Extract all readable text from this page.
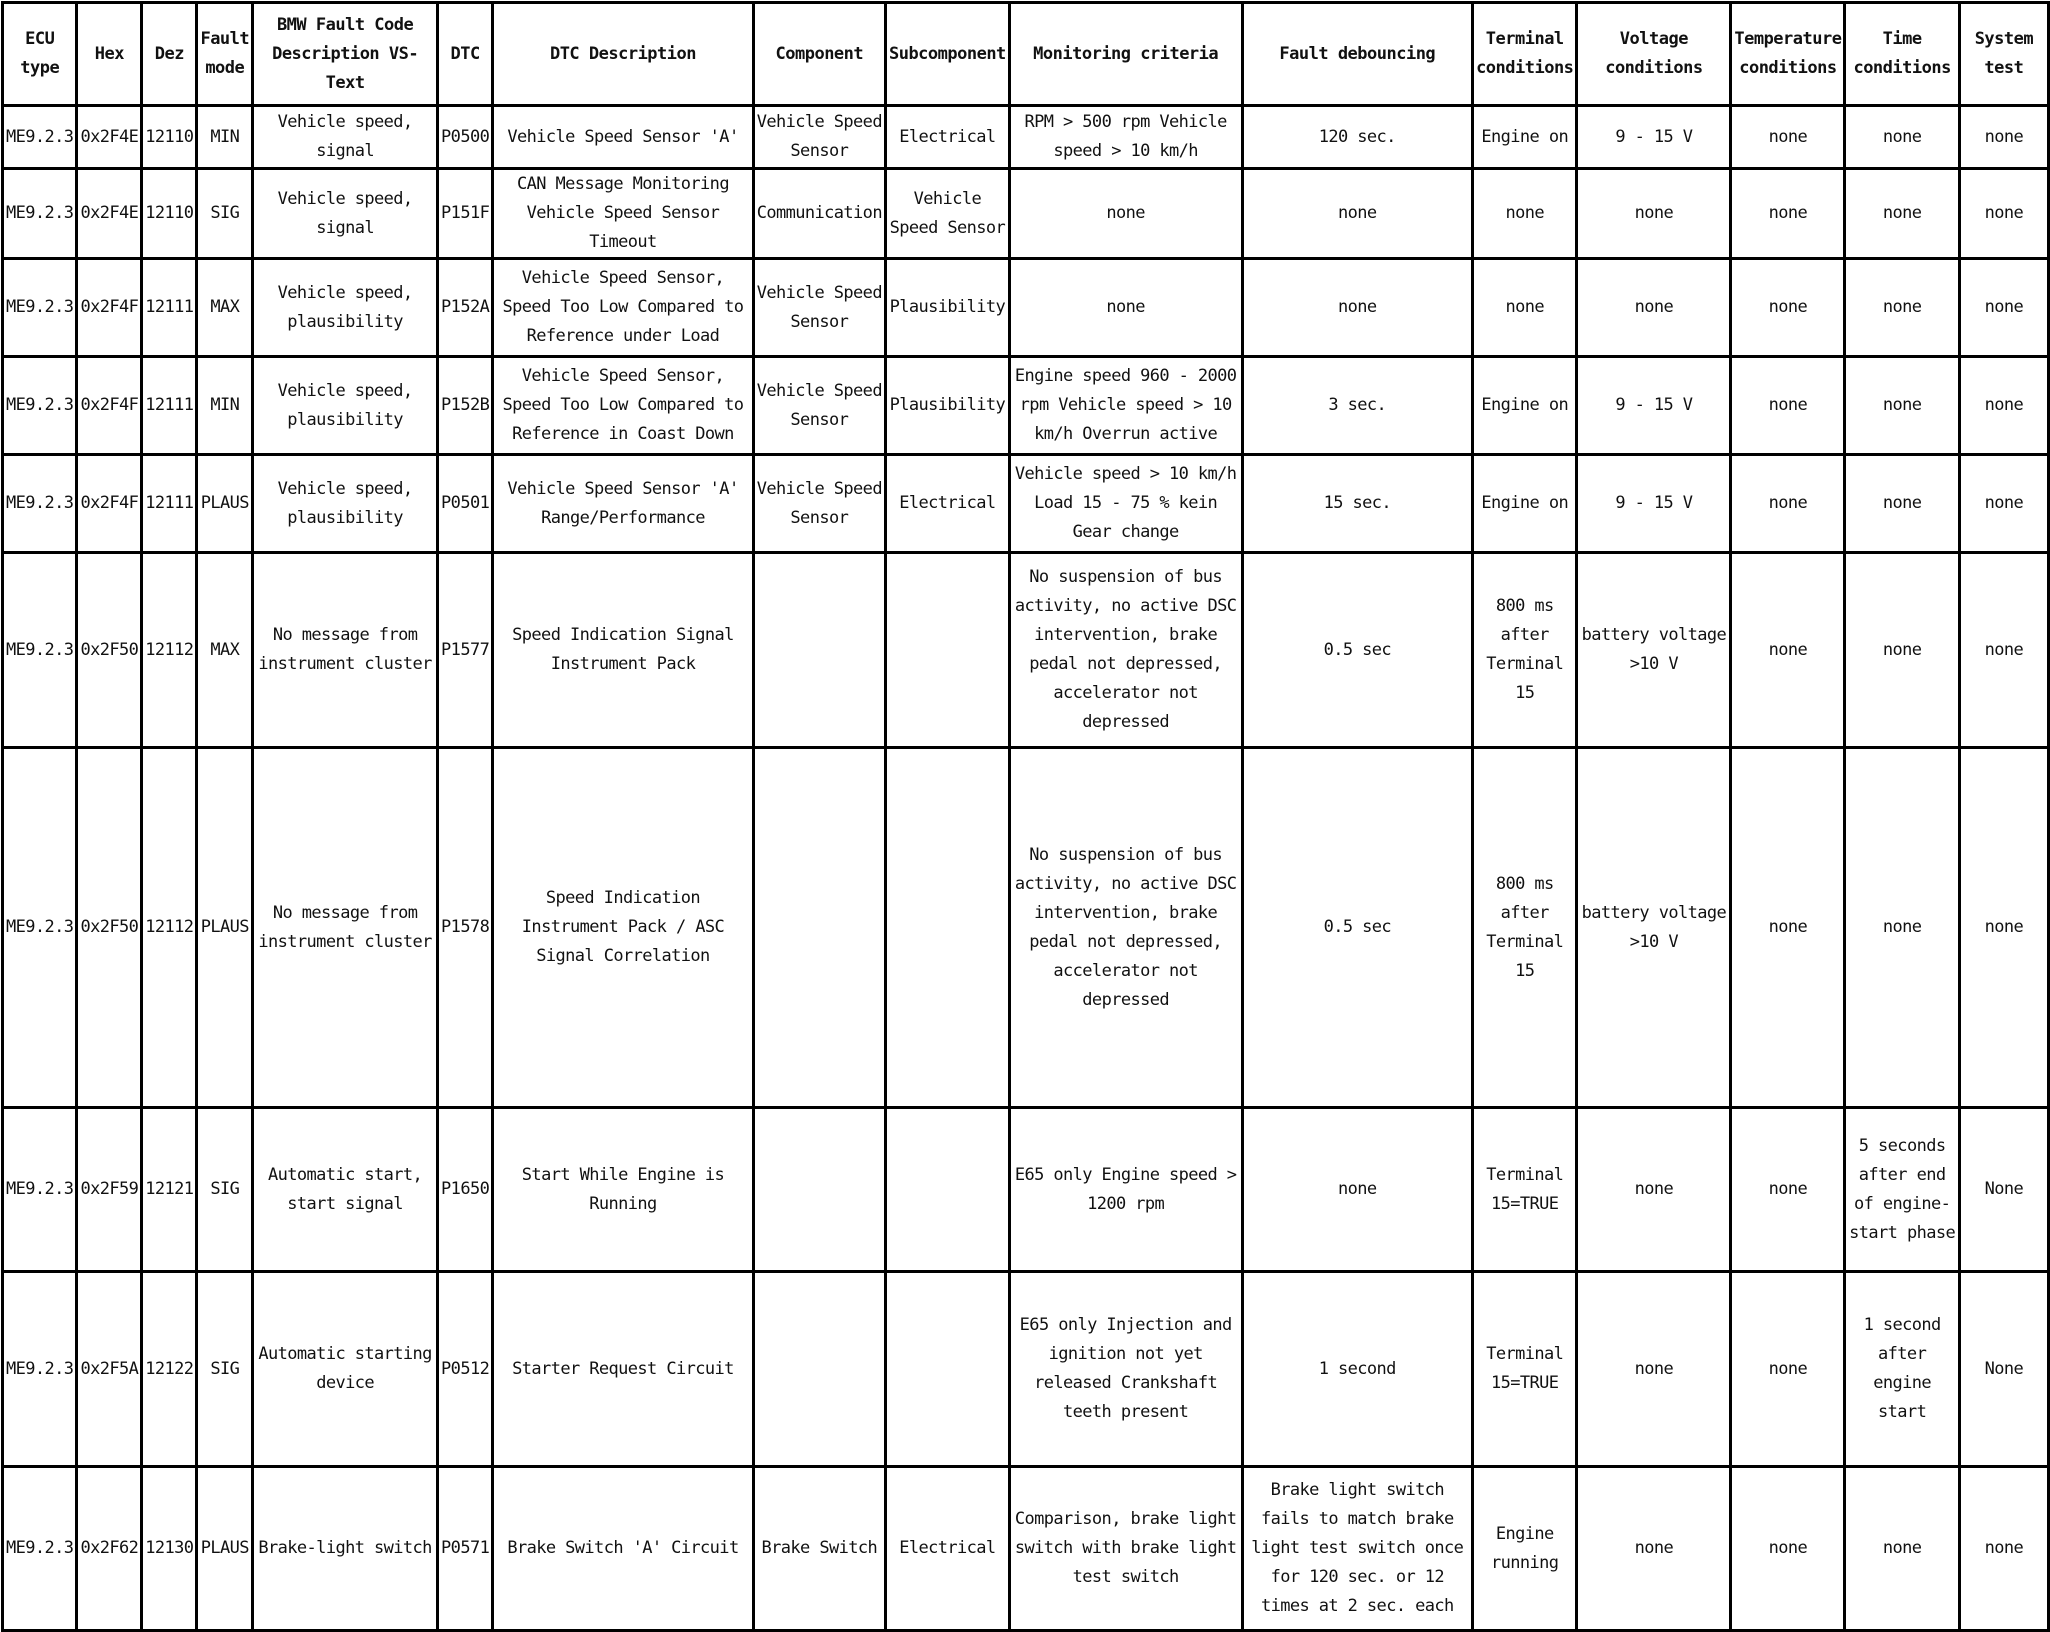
ECU type	Hex	Dez	Fault mode	BMW Fault Code Description VS-Text	DTC	DTC Description	Component	Subcomponent	Monitoring criteria	Fault debouncing	Terminal conditions	Voltage conditions	Temperature conditions	Time conditions	System test
ME9.2.3	0x2F4E	12110	MIN	Vehicle speed, signal	P0500	Vehicle Speed Sensor 'A'	Vehicle Speed Sensor	Electrical	RPM > 500 rpm Vehicle speed > 10 km/h	120 sec.	Engine on	9 - 15 V	none	none	none
ME9.2.3	0x2F4E	12110	SIG	Vehicle speed, signal	P151F	CAN Message Monitoring Vehicle Speed Sensor Timeout	Communication	Vehicle Speed Sensor	none	none	none	none	none	none	none
ME9.2.3	0x2F4F	12111	MAX	Vehicle speed, plausibility	P152A	Vehicle Speed Sensor, Speed Too Low Compared to Reference under Load	Vehicle Speed Sensor	Plausibility	none	none	none	none	none	none	none
ME9.2.3	0x2F4F	12111	MIN	Vehicle speed, plausibility	P152B	Vehicle Speed Sensor, Speed Too Low Compared to Reference in Coast Down	Vehicle Speed Sensor	Plausibility	Engine speed 960 - 2000 rpm Vehicle speed > 10 km/h Overrun active	3 sec.	Engine on	9 - 15 V	none	none	none
ME9.2.3	0x2F4F	12111	PLAUS	Vehicle speed, plausibility	P0501	Vehicle Speed Sensor 'A' Range/Performance	Vehicle Speed Sensor	Electrical	Vehicle speed > 10 km/h Load 15 - 75 % kein Gear change	15 sec.	Engine on	9 - 15 V	none	none	none
ME9.2.3	0x2F50	12112	MAX	No message from instrument cluster	P1577	Speed Indication Signal Instrument Pack			No suspension of bus activity, no active DSC intervention, brake pedal not depressed, accelerator not depressed	0.5 sec	800 ms after Terminal 15	battery voltage >10 V	none	none	none
ME9.2.3	0x2F50	12112	PLAUS	No message from instrument cluster	P1578	Speed Indication Instrument Pack / ASC Signal Correlation			No suspension of bus activity, no active DSC intervention, brake pedal not depressed, accelerator not depressed	0.5 sec	800 ms after Terminal 15	battery voltage >10 V	none	none	none
ME9.2.3	0x2F59	12121	SIG	Automatic start, start signal	P1650	Start While Engine is Running			E65 only Engine speed > 1200 rpm	none	Terminal 15=TRUE	none	none	5 seconds after end of engine-start phase	None
ME9.2.3	0x2F5A	12122	SIG	Automatic starting device	P0512	Starter Request Circuit			E65 only Injection and ignition not yet released Crankshaft teeth present	1 second	Terminal 15=TRUE	none	none	1 second after engine start	None
ME9.2.3	0x2F62	12130	PLAUS	Brake-light switch	P0571	Brake Switch 'A' Circuit	Brake Switch	Electrical	Comparison, brake light switch with brake light test switch	Brake light switch fails to match brake light test switch once for 120 sec. or 12 times at 2 sec. each	Engine running	none	none	none	none
